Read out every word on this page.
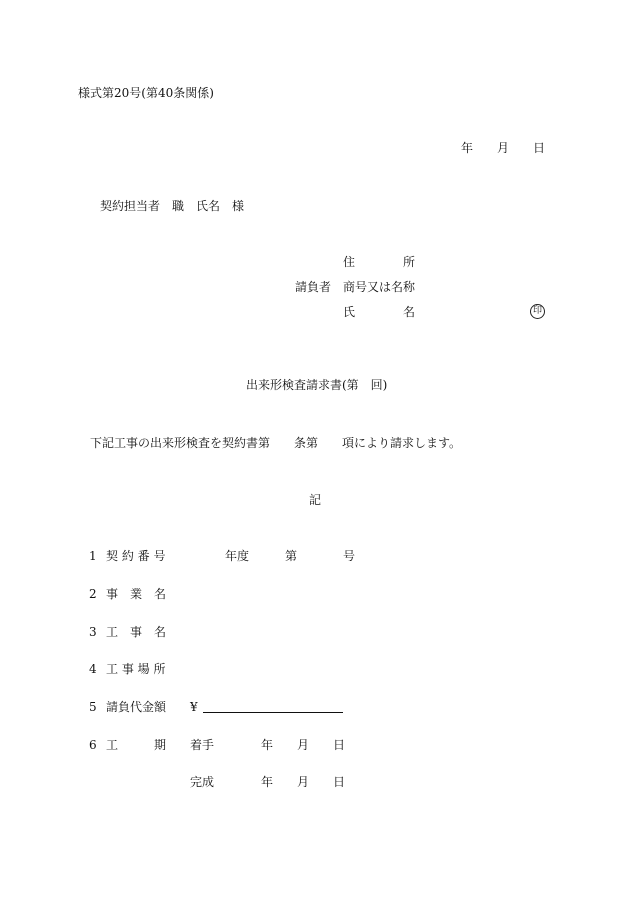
様式第20号(第40条関係)
年 月 日
契約担当者　職　氏名　様
住　　　　所
請負者 商号又は名称
氏　　　　名	印
出来形検査請求書(第　回)
下記工事の出来形検査を契約書第　　条第　　項により請求します。
記
1 契 約 番 号	年度	第	号
2 事　業　名
3 工　事　名
4 工 事 場 所
5 請負代金額 ¥
6 工　　　期 着手	年 月 日
完成	年 月 日
